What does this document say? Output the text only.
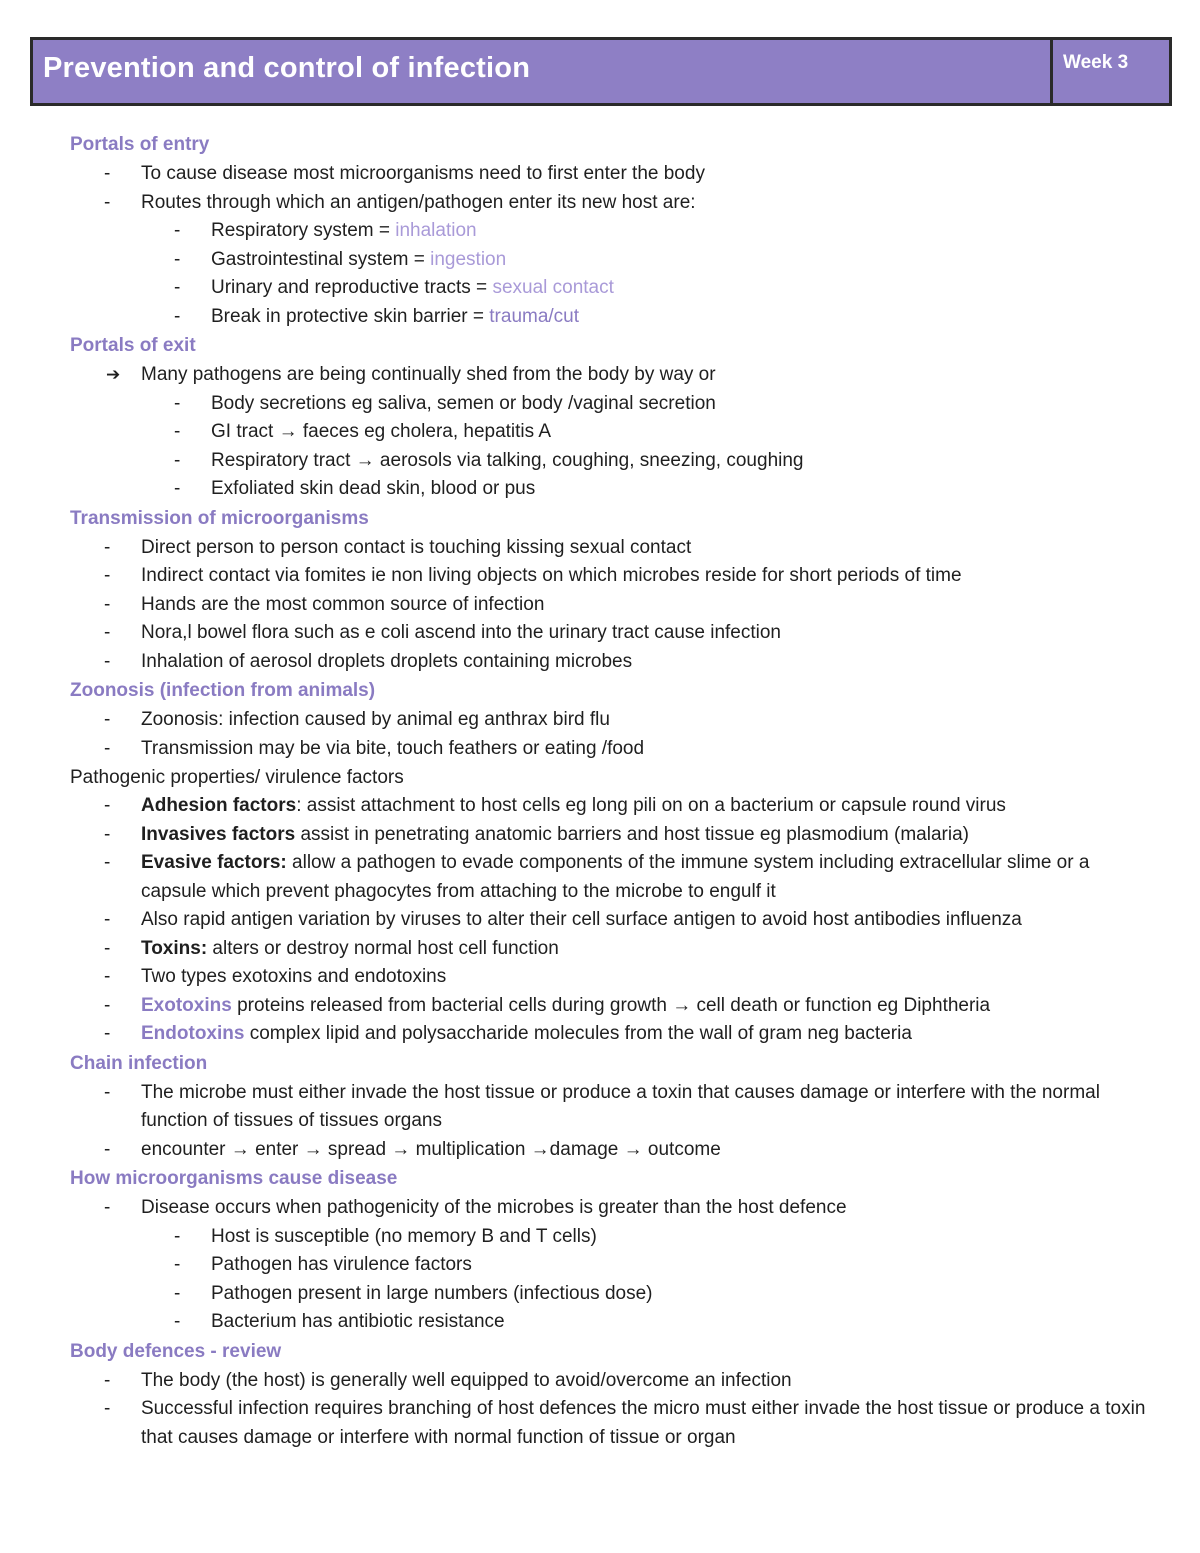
Prevention and control of infection	Week 3
Portals of entry
- To cause disease most microorganisms need to first enter the body
- Routes through which an antigen/pathogen enter its new host are:
- Respiratory system = inhalation
- Gastrointestinal system = ingestion
- Urinary and reproductive tracts = sexual contact
- Break in protective skin barrier = trauma/cut
Portals of exit
➔ Many pathogens are being continually shed from the body by way or
- Body secretions eg saliva, semen or body /vaginal secretion
- GI tract → faeces eg cholera, hepatitis A
- Respiratory tract → aerosols via talking, coughing, sneezing, coughing
- Exfoliated skin dead skin, blood or pus
Transmission of microorganisms
- Direct person to person contact is touching kissing sexual contact
- Indirect contact via fomites ie non living objects on which microbes reside for short periods of time
- Hands are the most common source of infection
- Nora,l bowel flora such as e coli ascend into the urinary tract cause infection
- Inhalation of aerosol droplets droplets containing microbes
Zoonosis (infection from animals)
- Zoonosis: infection caused by animal eg anthrax bird flu
- Transmission may be via bite, touch feathers or eating /food
Pathogenic properties/ virulence factors
- Adhesion factors: assist attachment to host cells eg long pili on on a bacterium or capsule round virus
- Invasives factors assist in penetrating anatomic barriers and host tissue eg plasmodium (malaria)
- Evasive factors: allow a pathogen to evade components of the immune system including extracellular slime or a capsule which prevent phagocytes from attaching to the microbe to engulf it
- Also rapid antigen variation by viruses to alter their cell surface antigen to avoid host antibodies influenza
- Toxins: alters or destroy normal host cell function
- Two types exotoxins and endotoxins
- Exotoxins proteins released from bacterial cells during growth → cell death or function eg Diphtheria
- Endotoxins complex lipid and polysaccharide molecules from the wall of gram neg bacteria
Chain infection
- The microbe must either invade the host tissue or produce a toxin that causes damage or interfere with the normal function of tissues of tissues organs
- encounter → enter → spread → multiplication →damage → outcome
How microorganisms cause disease
- Disease occurs when pathogenicity of the microbes is greater than the host defence
- Host is susceptible (no memory B and T cells)
- Pathogen has virulence factors
- Pathogen present in large numbers (infectious dose)
- Bacterium has antibiotic resistance
Body defences - review
- The body (the host) is generally well equipped to avoid/overcome an infection
- Successful infection requires branching of host defences the micro must either invade the host tissue or produce a toxin that causes damage or interfere with normal function of tissue or organ
